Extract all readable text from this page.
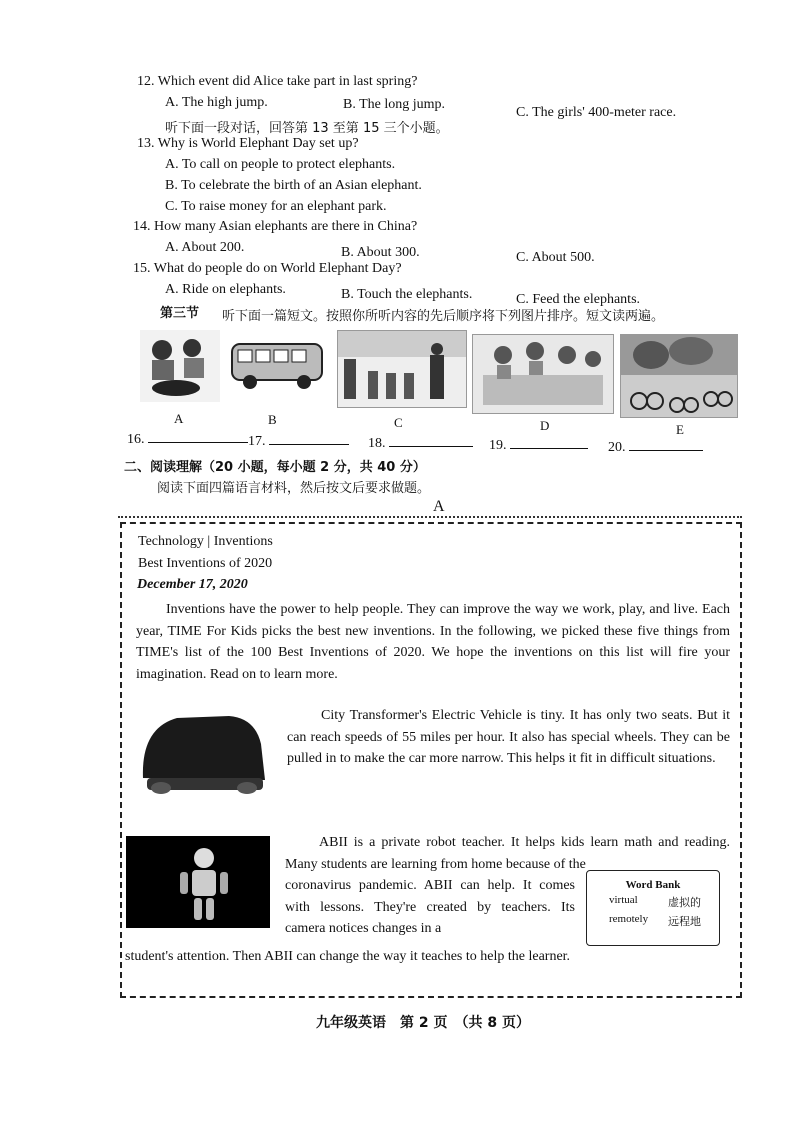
12. Which event did Alice take part in last spring?
A. The high jump.	B. The long jump.
C. The girls' 400-meter race.
听下面一段对话，回答第 13 至第 15 三个小题。
13. Why is World Elephant Day set up?
A. To call on people to protect elephants.
B. To celebrate the birth of an Asian elephant.
C. To raise money for an elephant park.
14. How many Asian elephants are there in China?
A. About 200.	B. About 300.	C. About 500.
15. What do people do on World Elephant Day?
A. Ride on elephants.	B. Touch the elephants.	C. Feed the elephants.
第三节 听下面一篇短文。按照你所听内容的先后顺序将下列图片排序。短文读两遍。
A	B	C	D	E
16.	17.	18.	19.	20.
二、阅读理解（20 小题，每小题 2 分，共 40 分）
阅读下面四篇语言材料，然后按文后要求做题。
A
Technology | Inventions
Best Inventions of 2020
December 17, 2020
Inventions have the power to help people. They can improve the way we work, play, and live. Each year, TIME For Kids picks the best new inventions. In the following, we picked these five things from TIME's list of the 100 Best Inventions of 2020. We hope the inventions on this list will fire your imagination. Read on to learn more.
City Transformer's Electric Vehicle is tiny. It has only two seats. But it can reach speeds of 55 miles per hour. It also has special wheels. They can be pulled in to make the car more narrow. This helps it fit in difficult situations.
ABII is a private robot teacher. It helps kids learn math and reading. Many students are learning from home because of the
coronavirus pandemic. ABII can help. It comes with lessons. They're created by teachers. Its camera notices changes in a
student's attention. Then ABII can change the way it teaches to help the learner.
Word Bank
virtual	虚拟的
remotely 远程地
九年级英语　第 2 页　（共 8 页）
